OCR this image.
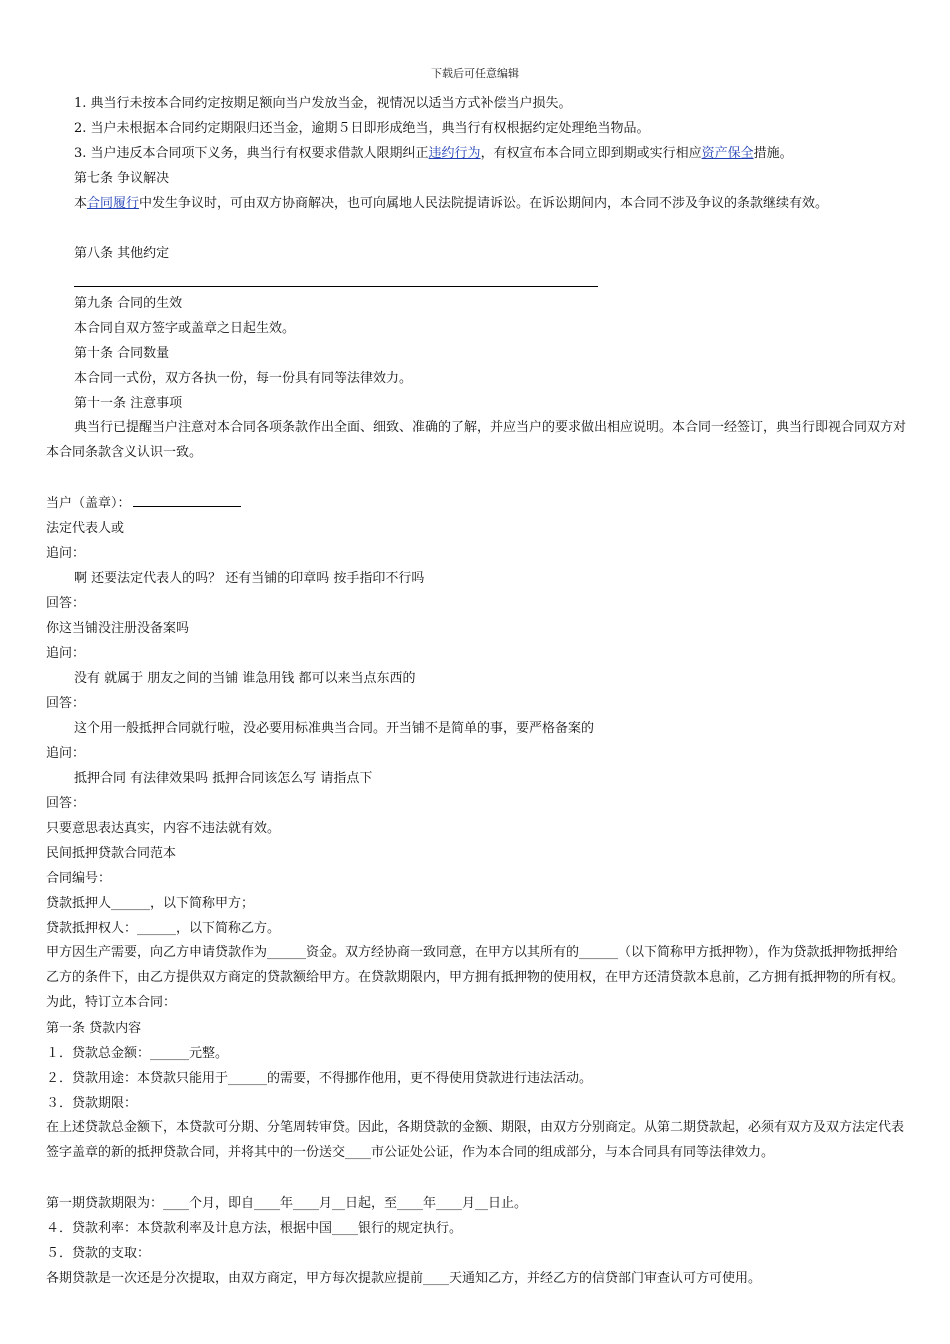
下载后可任意编辑
1. 典当行未按本合同约定按期足额向当户发放当金，视情况以适当方式补偿当户损失。
2. 当户未根据本合同约定期限归还当金，逾期５日即形成绝当，典当行有权根据约定处理绝当物品。
3. 当户违反本合同项下义务，典当行有权要求借款人限期纠正违约行为，有权宣布本合同立即到期或实行相应资产保全措施。
第七条 争议解决
本合同履行中发生争议时，可由双方协商解决，也可向属地人民法院提请诉讼。在诉讼期间内，本合同不涉及争议的条款继续有效。
第八条 其他约定
第九条 合同的生效
本合同自双方签字或盖章之日起生效。
第十条 合同数量
本合同一式份，双方各执一份，每一份具有同等法律效力。
第十一条 注意事项
典当行已提醒当户注意对本合同各项条款作出全面、细致、准确的了解，并应当户的要求做出相应说明。本合同一经签订，典当行即视合同双方对本合同条款含义认识一致。
当户（盖章）：
法定代表人或
追问：
啊 还要法定代表人的吗？ 还有当铺的印章吗 按手指印不行吗
回答：
你这当铺没注册没备案吗
追问：
没有 就属于 朋友之间的当铺 谁急用钱 都可以来当点东西的
回答：
这个用一般抵押合同就行啦，没必要用标准典当合同。开当铺不是简单的事，要严格备案的
追问：
抵押合同 有法律效果吗 抵押合同该怎么写 请指点下
回答：
只要意思表达真实，内容不违法就有效。
民间抵押贷款合同范本
合同编号：
贷款抵押人______，以下简称甲方；
贷款抵押权人：______，以下简称乙方。
甲方因生产需要，向乙方申请贷款作为______资金。双方经协商一致同意，在甲方以其所有的______（以下简称甲方抵押物），作为贷款抵押物抵押给乙方的条件下，由乙方提供双方商定的贷款额给甲方。在贷款期限内，甲方拥有抵押物的使用权，在甲方还清贷款本息前，乙方拥有抵押物的所有权。为此，特订立本合同：
第一条 贷款内容
１．贷款总金额：______元整。
２．贷款用途：本贷款只能用于______的需要，不得挪作他用，更不得使用贷款进行违法活动。
３．贷款期限：
在上述贷款总金额下，本贷款可分期、分笔周转审贷。因此，各期贷款的金额、期限，由双方分别商定。从第二期贷款起，必须有双方及双方法定代表签字盖章的新的抵押贷款合同，并将其中的一份送交____市公证处公证，作为本合同的组成部分，与本合同具有同等法律效力。
第一期贷款期限为：____个月，即自____年____月__日起，至____年____月__日止。
４．贷款利率：本贷款利率及计息方法，根据中国____银行的规定执行。
５．贷款的支取：
各期贷款是一次还是分次提取，由双方商定，甲方每次提款应提前____天通知乙方，并经乙方的信贷部门审查认可方可使用。
